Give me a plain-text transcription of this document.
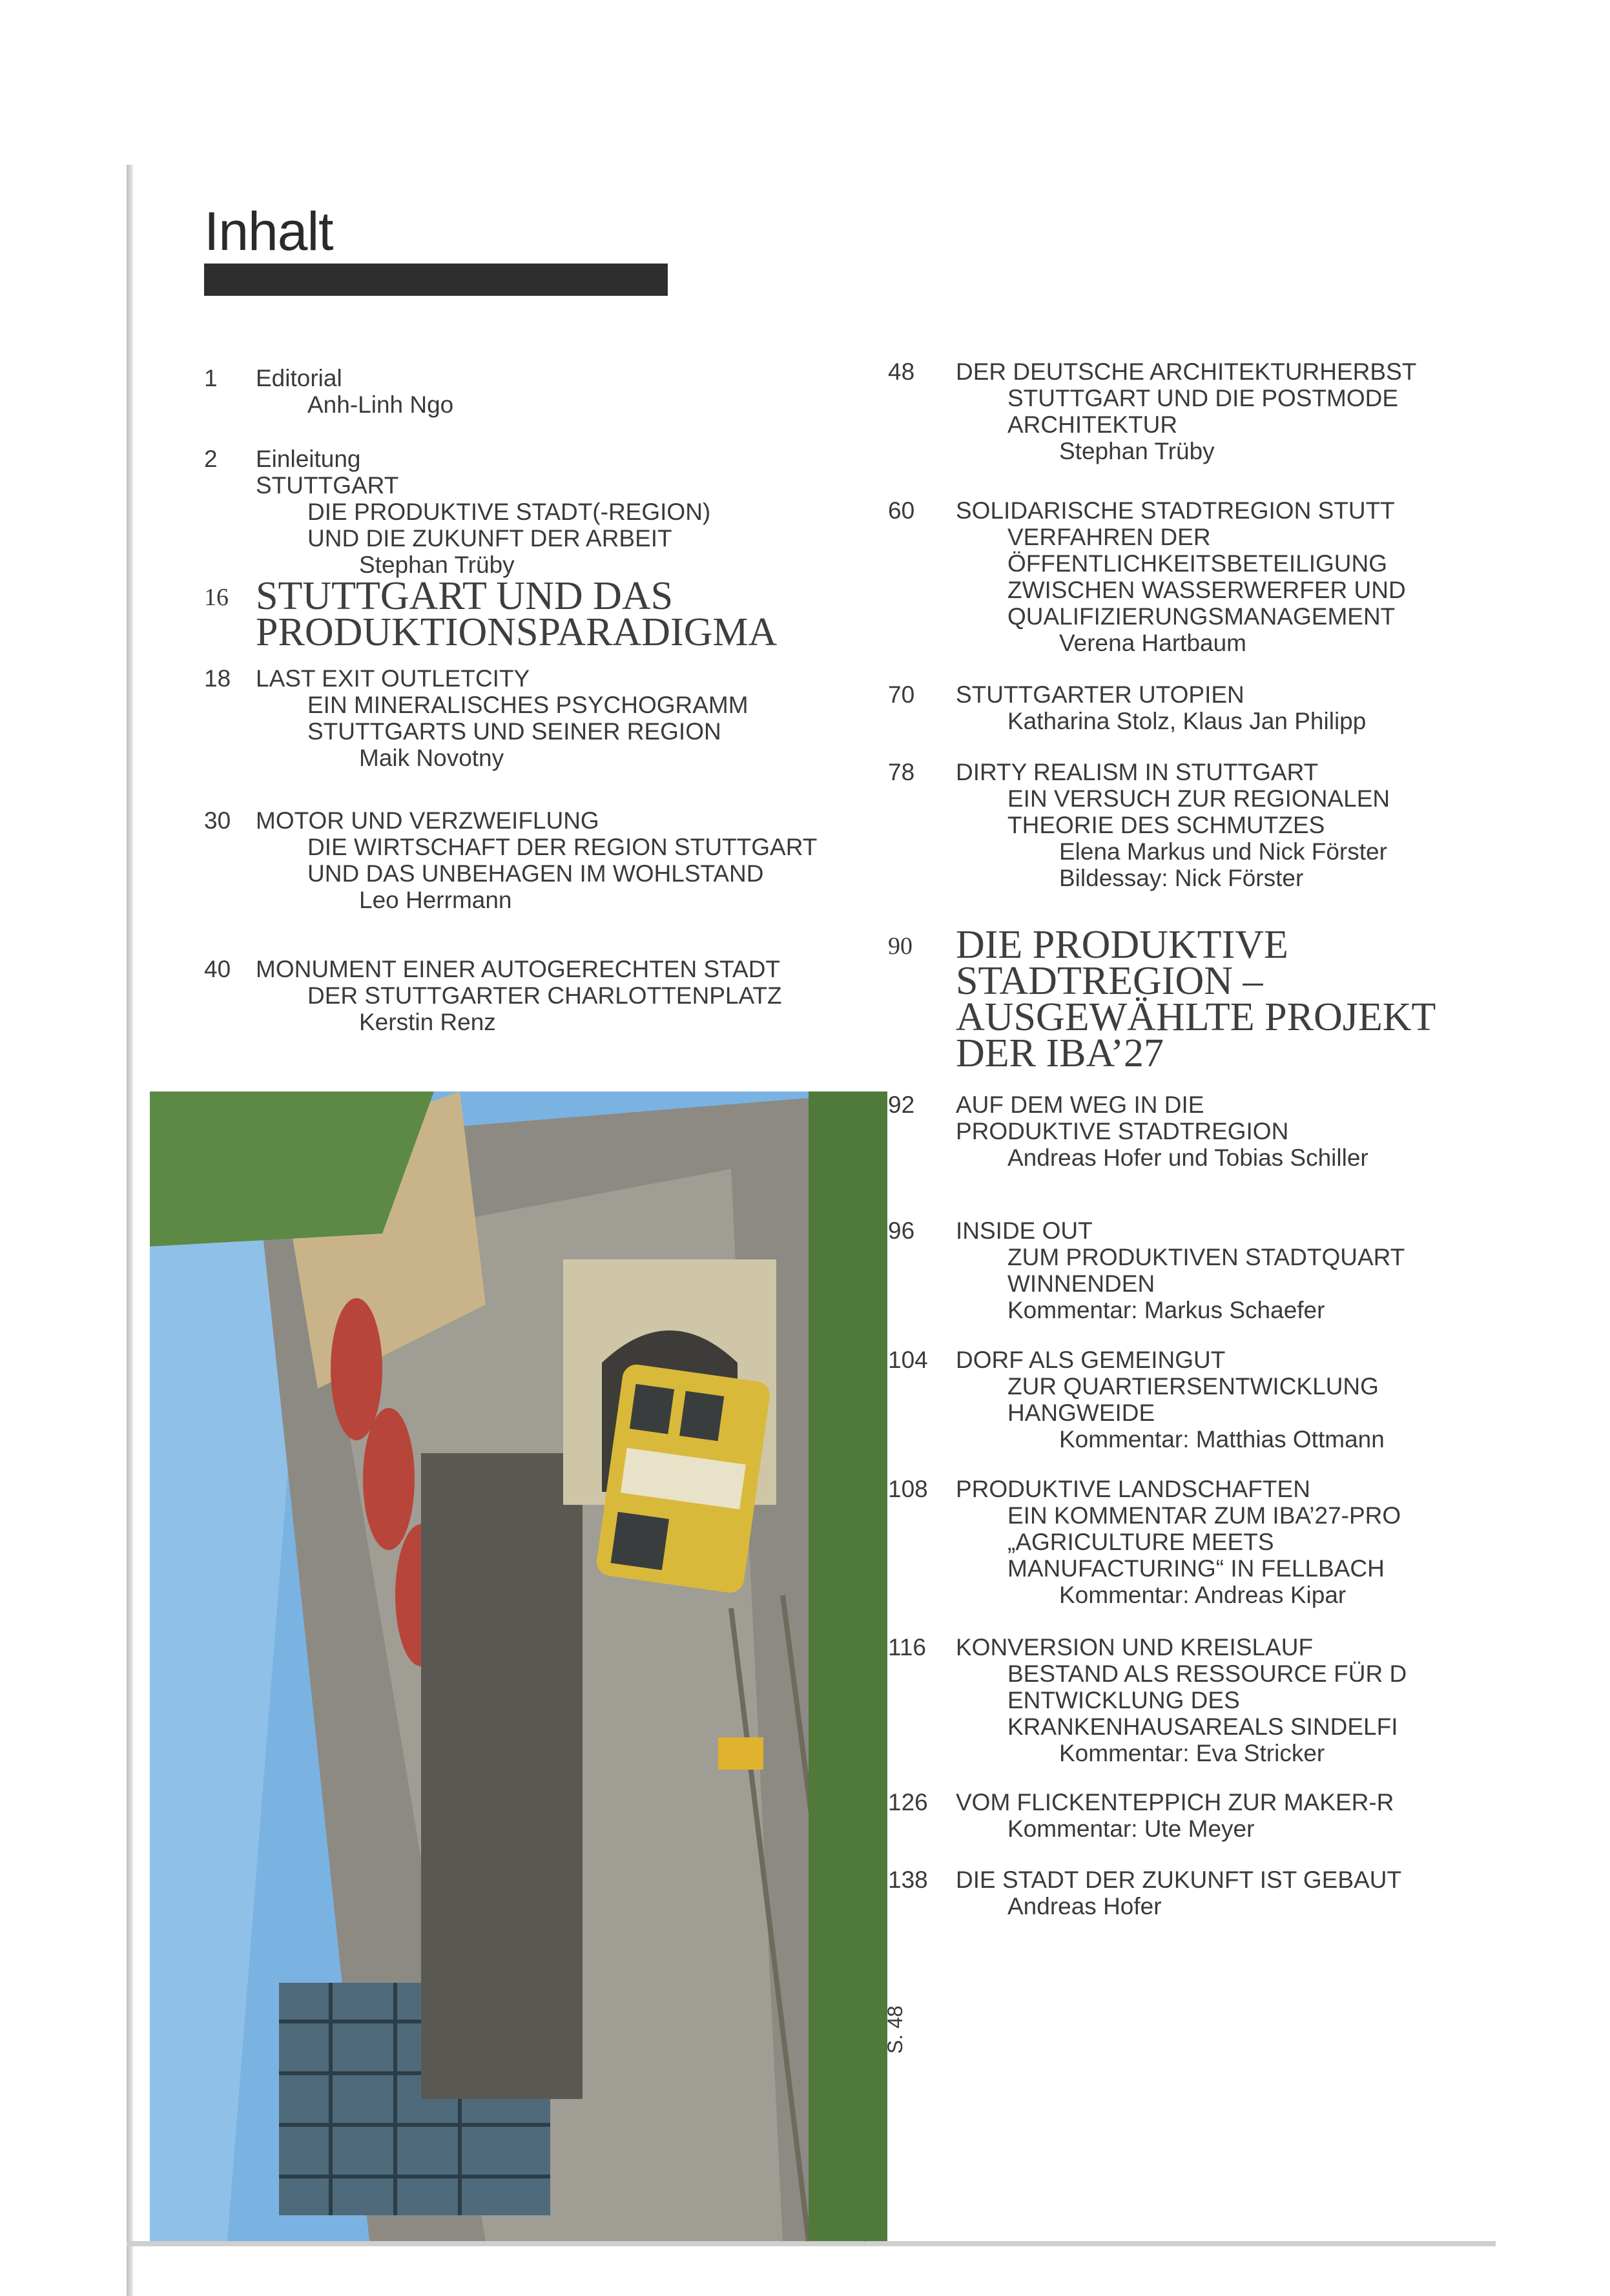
Inhalt
1 Editorial
Anh-Linh Ngo
2 Einleitung
STUTTGART
DIE PRODUKTIVE STADT(-REGION)
UND DIE ZUKUNFT DER ARBEIT
Stephan Trüby
16 STUTTGART UND DAS
PRODUKTIONSPARADIGMA
18 LAST EXIT OUTLETCITY
EIN MINERALISCHES PSYCHOGRAMM
STUTTGARTS UND SEINER REGION
Maik Novotny
30 MOTOR UND VERZWEIFLUNG
DIE WIRTSCHAFT DER REGION STUTTGART
UND DAS UNBEHAGEN IM WOHLSTAND
Leo Herrmann
40 MONUMENT EINER AUTOGERECHTEN STADT
DER STUTTGARTER CHARLOTTENPLATZ
Kerstin Renz
S. 48
48 DER DEUTSCHE ARCHITEKTURHERBST
STUTTGART UND DIE POSTMODE
ARCHITEKTUR
Stephan Trüby
60 SOLIDARISCHE STADTREGION STUTT
VERFAHREN DER
ÖFFENTLICHKEITSBETEILIGUNG
ZWISCHEN WASSERWERFER UND
QUALIFIZIERUNGSMANAGEMENT
Verena Hartbaum
70 STUTTGARTER UTOPIEN
Katharina Stolz, Klaus Jan Philipp
78 DIRTY REALISM IN STUTTGART
EIN VERSUCH ZUR REGIONALEN
THEORIE DES SCHMUTZES
Elena Markus und Nick Förster
Bildessay: Nick Förster
90 DIE PRODUKTIVE
STADTREGION –
AUSGEWÄHLTE PROJEKT
DER IBA’27
92 AUF DEM WEG IN DIE
PRODUKTIVE STADTREGION
Andreas Hofer und Tobias Schiller
96 INSIDE OUT
ZUM PRODUKTIVEN STADTQUART
WINNENDEN
Kommentar: Markus Schaefer
104 DORF ALS GEMEINGUT
ZUR QUARTIERSENTWICKLUNG
HANGWEIDE
Kommentar: Matthias Ottmann
108 PRODUKTIVE LANDSCHAFTEN
EIN KOMMENTAR ZUM IBA’27-PRO
„AGRICULTURE MEETS
MANUFACTURING“ IN FELLBACH
Kommentar: Andreas Kipar
116 KONVERSION UND KREISLAUF
BESTAND ALS RESSOURCE FÜR D
ENTWICKLUNG DES
KRANKENHAUSAREALS SINDELFI
Kommentar: Eva Stricker
126 VOM FLICKENTEPPICH ZUR MAKER-R
Kommentar: Ute Meyer
138 DIE STADT DER ZUKUNFT IST GEBAUT
Andreas Hofer
